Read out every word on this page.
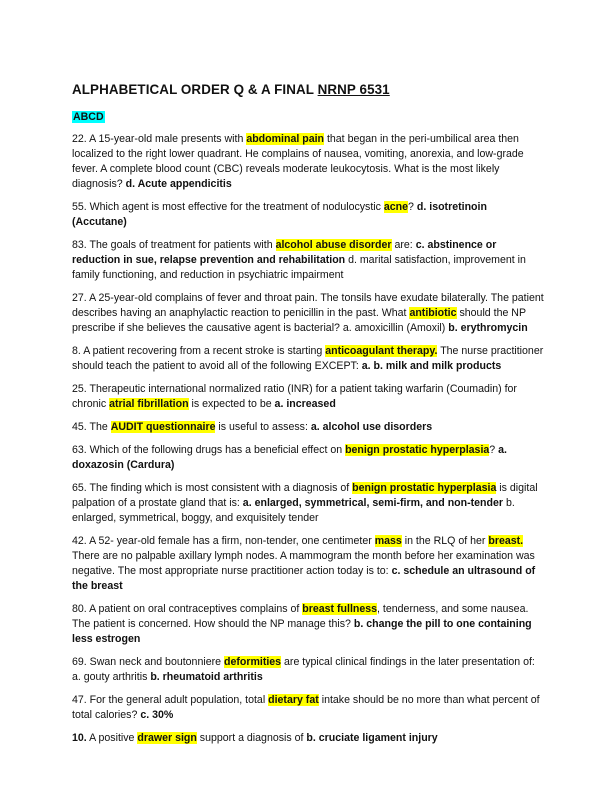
ALPHABETICAL ORDER Q & A FINAL NRNP 6531
ABCD

22. A 15-year-old male presents with abdominal pain that began in the peri-umbilical area then localized to the right lower quadrant. He complains of nausea, vomiting, anorexia, and low-grade fever. A complete blood count (CBC) reveals moderate leukocytosis. What is the most likely diagnosis? d. Acute appendicitis

55. Which agent is most effective for the treatment of nodulocystic acne? d. isotretinoin (Accutane)

83. The goals of treatment for patients with alcohol abuse disorder are: c. abstinence or reduction in sue, relapse prevention and rehabilitation d. marital satisfaction, improvement in family functioning, and reduction in psychiatric impairment

27. A 25-year-old complains of fever and throat pain. The tonsils have exudate bilaterally. The patient describes having an anaphylactic reaction to penicillin in the past. What antibiotic should the NP prescribe if she believes the causative agent is bacterial? a. amoxicillin (Amoxil) b. erythromycin

8. A patient recovering from a recent stroke is starting anticoagulant therapy. The nurse practitioner should teach the patient to avoid all of the following EXCEPT: a. b. milk and milk products

25. Therapeutic international normalized ratio (INR) for a patient taking warfarin (Coumadin) for chronic atrial fibrillation is expected to be a. increased

45. The AUDIT questionnaire is useful to assess: a. alcohol use disorders

63. Which of the following drugs has a beneficial effect on benign prostatic hyperplasia? a. doxazosin (Cardura)

65. The finding which is most consistent with a diagnosis of benign prostatic hyperplasia is digital palpation of a prostate gland that is: a. enlarged, symmetrical, semi-firm, and non-tender b. enlarged, symmetrical, boggy, and exquisitely tender

42. A 52- year-old female has a firm, non-tender, one centimeter mass in the RLQ of her breast. There are no palpable axillary lymph nodes. A mammogram the month before her examination was negative. The most appropriate nurse practitioner action today is to: c. schedule an ultrasound of the breast

80. A patient on oral contraceptives complains of breast fullness, tenderness, and some nausea. The patient is concerned. How should the NP manage this? b. change the pill to one containing less estrogen

69. Swan neck and boutonniere deformities are typical clinical findings in the later presentation of: a. gouty arthritis b. rheumatoid arthritis

47. For the general adult population, total dietary fat intake should be no more than what percent of total calories? c. 30%

10. A positive drawer sign support a diagnosis of b. cruciate ligament injury
